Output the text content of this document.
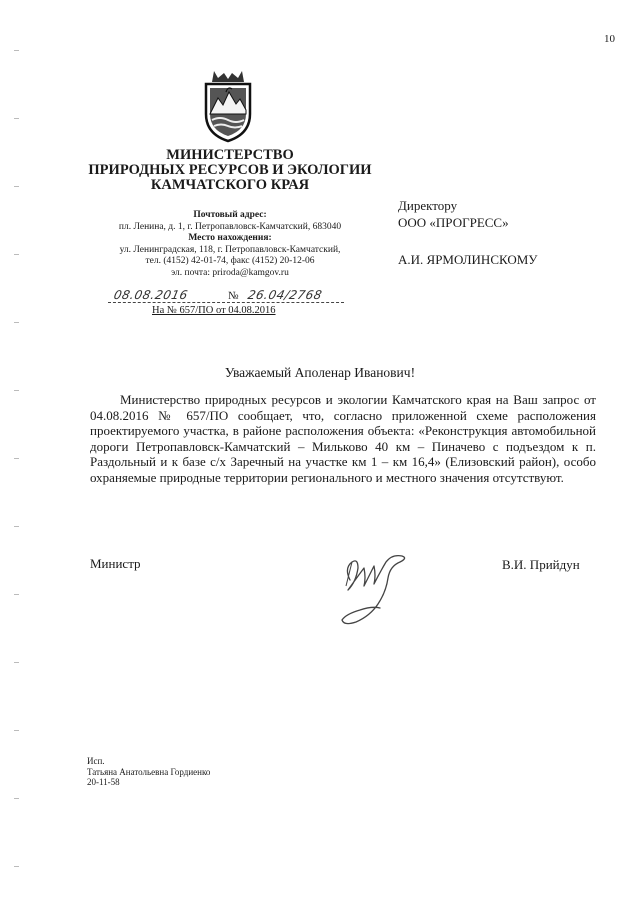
10
МИНИСТЕРСТВО
ПРИРОДНЫХ РЕСУРСОВ И ЭКОЛОГИИ
КАМЧАТСКОГО КРАЯ
Почтовый адрес:
пл. Ленина, д. 1, г. Петропавловск-Камчатский, 683040
Место нахождения:
ул. Ленинградская, 118, г. Петропавловск-Камчатский,
тел. (4152) 42-01-74, факс (4152) 20-12-06
эл. почта: priroda@kamgov.ru
08.08.2016	№ 26.04/2768
На № 657/ПО от 04.08.2016
Директору
ООО «ПРОГРЕСС»
А.И. ЯРМОЛИНСКОМУ
Уважаемый Аполенар Иванович!

Министерство природных ресурсов и экологии Камчатского края на Ваш запрос от 04.08.2016 № 657/ПО сообщает, что, согласно приложенной схеме расположения проектируемого участка, в районе расположения объекта: «Реконструкция автомобильной дороги Петропавловск-Камчатский – Мильково 40 км – Пиначево с подъездом к п. Раздольный и к базе с/х Заречный на участке км 1 – км 16,4» (Елизовский район), особо охраняемые природные территории регионального и местного значения отсутствуют.

Министр	В.И. Прийдун
Исп.
Татьяна Анатольевна Гордиенко
20-11-58
